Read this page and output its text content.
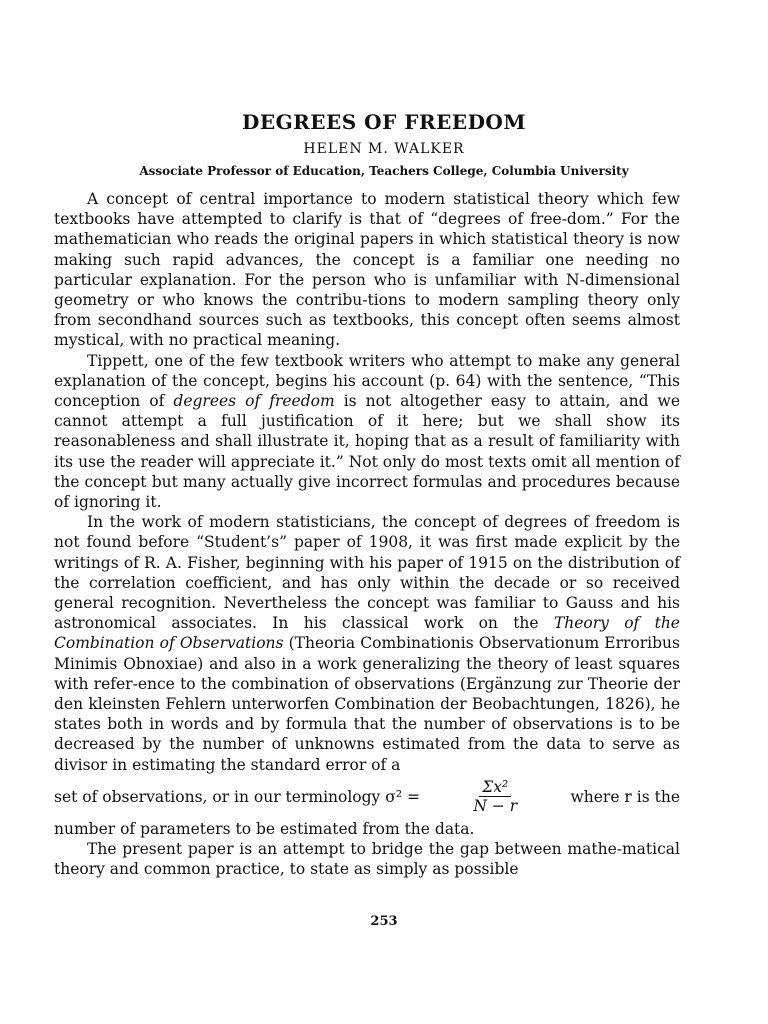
DEGREES OF FREEDOM
HELEN M. WALKER
Associate Professor of Education, Teachers College, Columbia University

A concept of central importance to modern statistical theory which few textbooks have attempted to clarify is that of “degrees of free-dom.” For the mathematician who reads the original papers in which statistical theory is now making such rapid advances, the concept is a familiar one needing no particular explanation. For the person who is unfamiliar with N-dimensional geometry or who knows the contribu-tions to modern sampling theory only from secondhand sources such as textbooks, this concept often seems almost mystical, with no practical meaning.

Tippett, one of the few textbook writers who attempt to make any general explanation of the concept, begins his account (p. 64) with the sentence, “This conception of degrees of freedom is not altogether easy to attain, and we cannot attempt a full justification of it here; but we shall show its reasonableness and shall illustrate it, hoping that as a result of familiarity with its use the reader will appreciate it.” Not only do most texts omit all mention of the concept but many actually give incorrect formulas and procedures because of ignoring it.

In the work of modern statisticians, the concept of degrees of freedom is not found before “Student’s” paper of 1908, it was first made explicit by the writings of R. A. Fisher, beginning with his paper of 1915 on the distribution of the correlation coefficient, and has only within the decade or so received general recognition. Nevertheless the concept was familiar to Gauss and his astronomical associates. In his classical work on the Theory of the Combination of Observations (Theoria Combinationis Observationum Erroribus Minimis Obnoxiae) and also in a work generalizing the theory of least squares with refer-ence to the combination of observations (Ergänzung zur Theorie der den kleinsten Fehlern unterworfen Combination der Beobachtungen, 1826), he states both in words and by formula that the number of observations is to be decreased by the number of unknowns estimated from the data to serve as divisor in estimating the standard error of a

set of observations, or in our terminology σ² =	$\frac{\text{Σx²}}{N - r}$	where r is the
number of parameters to be estimated from the data.

The present paper is an attempt to bridge the gap between mathe-matical theory and common practice, to state as simply as possible

253
